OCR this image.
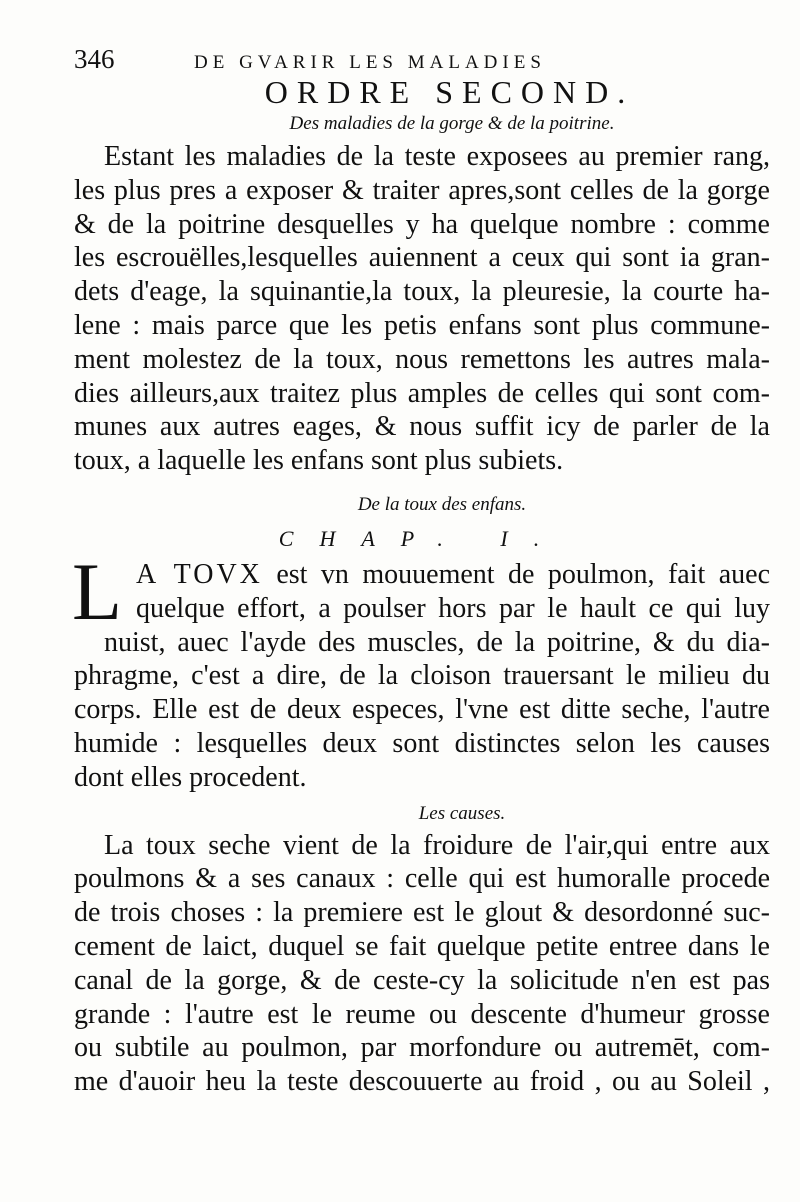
346	DE GVARIR LES MALADIES
ORDRE SECOND.
Des maladies de la gorge & de la poitrine.

Estant les maladies de la teste exposees au premier rang,
les plus pres a exposer & traiter apres,sont celles de la gorge
& de la poitrine desquelles y ha quelque nombre : comme
les escrouëlles,lesquelles auiennent a ceux qui sont ia gran-
dets d'eage, la squinantie,la toux, la pleuresie, la courte ha-
lene : mais parce que les petis enfans sont plus commune-
ment molestez de la toux, nous remettons les autres mala-
dies ailleurs,aux traitez plus amples de celles qui sont com-
munes aux autres eages, & nous suffit icy de parler de la
toux, a laquelle les enfans sont plus subiets.

De la toux des enfans.
CHAP. I.

L A TOVX est vn mouuement de poulmon, fait auec
quelque effort, a poulser hors par le hault ce qui luy
nuist, auec l'ayde des muscles, de la poitrine, & du dia-
phragme, c'est a dire, de la cloison trauersant le milieu du
corps. Elle est de deux especes, l'vne est ditte seche, l'autre
humide : lesquelles deux sont distinctes selon les causes
dont elles procedent.

Les causes.

La toux seche vient de la froidure de l'air,qui entre aux
poulmons & a ses canaux : celle qui est humoralle procede
de trois choses : la premiere est le glout & desordonné suc-
cement de laict, duquel se fait quelque petite entree dans le
canal de la gorge, & de ceste-cy la solicitude n'en est pas
grande : l'autre est le reume ou descente d'humeur grosse
ou subtile au poulmon, par morfondure ou autremēt, com-
me d'auoir heu la teste descouuerte au froid , ou au Soleil ,
